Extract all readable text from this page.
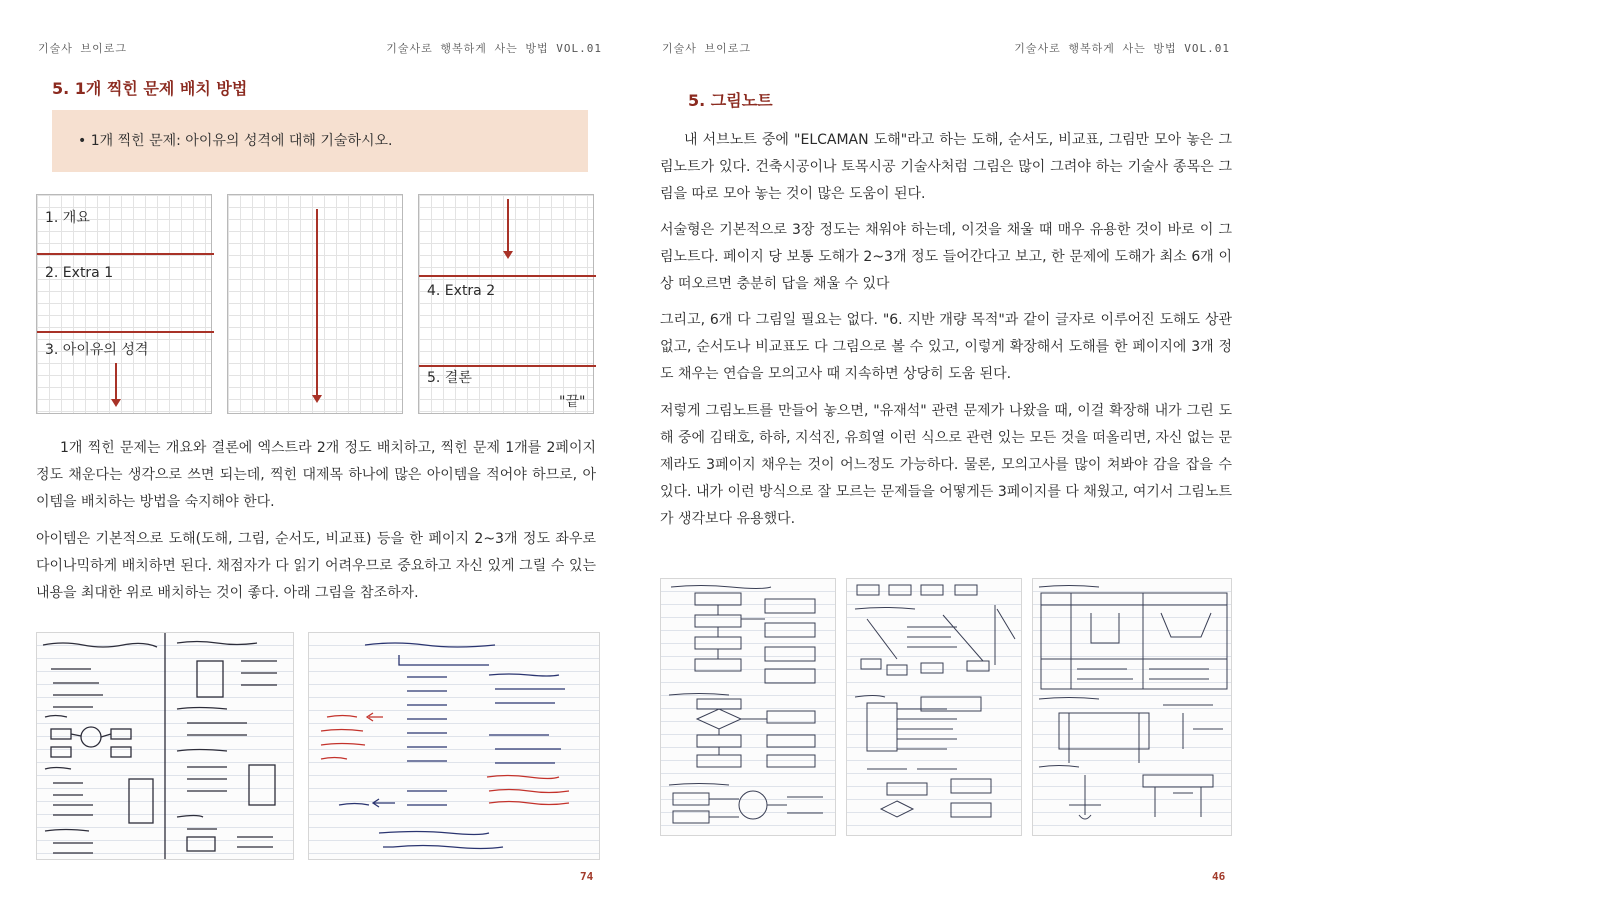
기술사 브이로그	기술사로 행복하게 사는 방법 VOL.01
5. 1개 찍힌 문제 배치 방법
• 1개 찍힌 문제: 아이유의 성격에 대해 기술하시오.
1. 개요
2. Extra 1
3. 아이유의 성격
4. Extra 2
5. 결론
"끝"
1개 찍힌 문제는 개요와 결론에 엑스트라 2개 정도 배치하고, 찍힌 문제 1개를 2페이지 정도 채운다는 생각으로 쓰면 되는데, 찍힌 대제목 하나에 많은 아이템을 적어야 하므로, 아이템을 배치하는 방법을 숙지해야 한다.
아이템은 기본적으로 도해(도해, 그림, 순서도, 비교표) 등을 한 페이지 2~3개 정도 좌우로 다이나믹하게 배치하면 된다. 채점자가 다 읽기 어려우므로 중요하고 자신 있게 그릴 수 있는 내용을 최대한 위로 배치하는 것이 좋다. 아래 그림을 참조하자.
74
기술사 브이로그	기술사로 행복하게 사는 방법 VOL.01
5. 그림노트
내 서브노트 중에 "ELCAMAN 도해"라고 하는 도해, 순서도, 비교표, 그림만 모아 놓은 그림노트가 있다. 건축시공이나 토목시공 기술사처럼 그림은 많이 그려야 하는 기술사 종목은 그림을 따로 모아 놓는 것이 많은 도움이 된다.
서술형은 기본적으로 3장 정도는 채워야 하는데, 이것을 채울 때 매우 유용한 것이 바로 이 그림노트다. 페이지 당 보통 도해가 2~3개 정도 들어간다고 보고, 한 문제에 도해가 최소 6개 이상 떠오르면 충분히 답을 채울 수 있다
그리고, 6개 다 그림일 필요는 없다. "6. 지반 개량 목적"과 같이 글자로 이루어진 도해도 상관없고, 순서도나 비교표도 다 그림으로 볼 수 있고, 이렇게 확장해서 도해를 한 페이지에 3개 정도 채우는 연습을 모의고사 때 지속하면 상당히 도움 된다.
저렇게 그림노트를 만들어 놓으면, "유재석" 관련 문제가 나왔을 때, 이걸 확장해 내가 그린 도해 중에 김태호, 하하, 지석진, 유희열 이런 식으로 관련 있는 모든 것을 떠올리면, 자신 없는 문제라도 3페이지 채우는 것이 어느정도 가능하다. 물론, 모의고사를 많이 쳐봐야 감을 잡을 수 있다. 내가 이런 방식으로 잘 모르는 문제들을 어떻게든 3페이지를 다 채웠고, 여기서 그림노트가 생각보다 유용했다.
46
